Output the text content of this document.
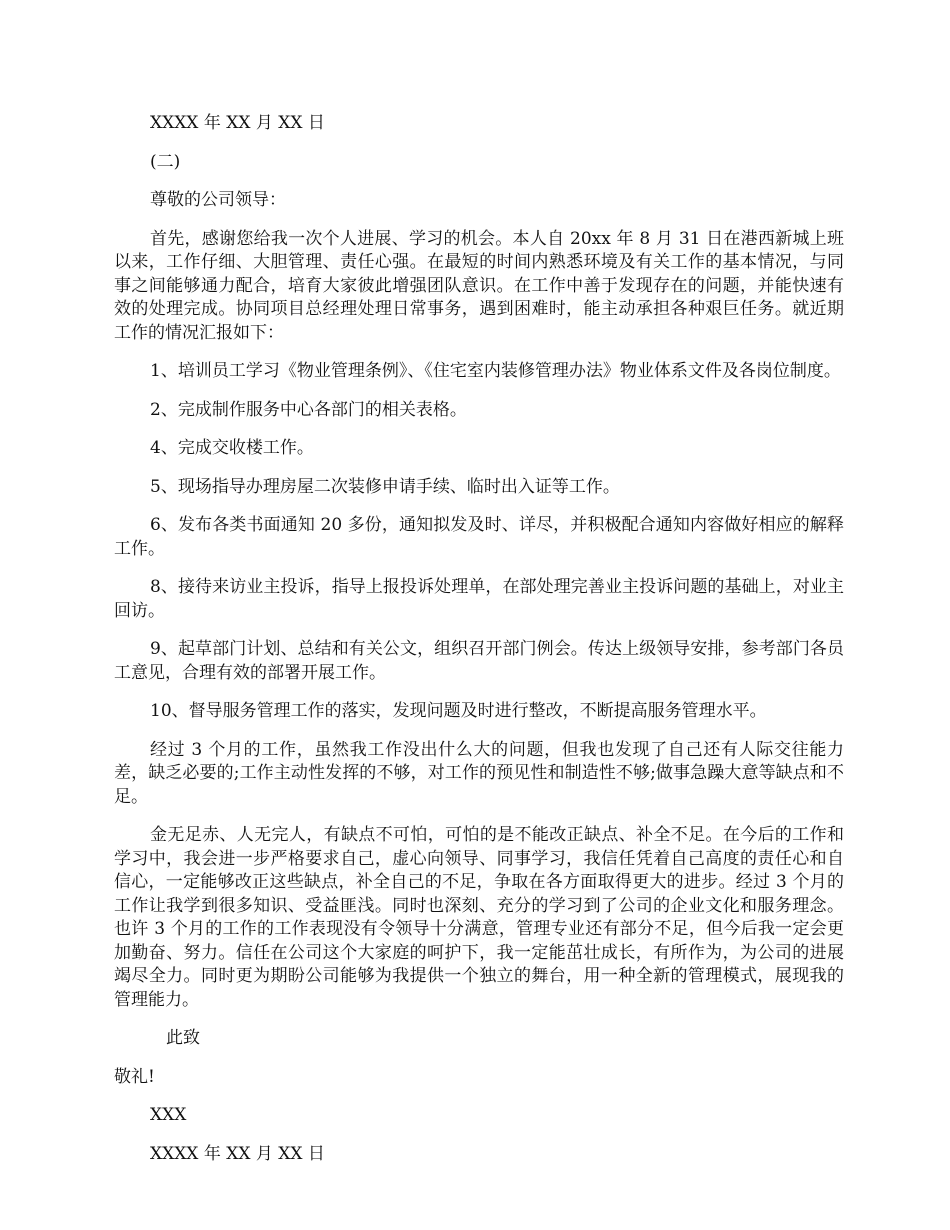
XXXX 年 XX 月 XX 日

(二)

尊敬的公司领导：

首先，感谢您给我一次个人进展、学习的机会。本人自 20xx 年 8 月 31 日在港西新城上班以来，工作仔细、大胆管理、责任心强。在最短的时间内熟悉环境及有关工作的基本情况，与同事之间能够通力配合，培育大家彼此增强团队意识。在工作中善于发现存在的问题，并能快速有效的处理完成。协同项目总经理处理日常事务，遇到困难时，能主动承担各种艰巨任务。就近期工作的情况汇报如下：

1、培训员工学习《物业管理条例》、《住宅室内装修管理办法》物业体系文件及各岗位制度。

2、完成制作服务中心各部门的相关表格。

4、完成交收楼工作。

5、现场指导办理房屋二次装修申请手续、临时出入证等工作。

6、发布各类书面通知 20 多份，通知拟发及时、详尽，并积极配合通知内容做好相应的解释工作。

8、接待来访业主投诉，指导上报投诉处理单，在部处理完善业主投诉问题的基础上，对业主回访。

9、起草部门计划、总结和有关公文，组织召开部门例会。传达上级领导安排，参考部门各员工意见，合理有效的部署开展工作。

10、督导服务管理工作的落实，发现问题及时进行整改，不断提高服务管理水平。

经过 3 个月的工作，虽然我工作没出什么大的问题，但我也发现了自己还有人际交往能力差，缺乏必要的;工作主动性发挥的不够，对工作的预见性和制造性不够;做事急躁大意等缺点和不足。

金无足赤、人无完人，有缺点不可怕，可怕的是不能改正缺点、补全不足。在今后的工作和学习中，我会进一步严格要求自己，虚心向领导、同事学习，我信任凭着自己高度的责任心和自信心，一定能够改正这些缺点，补全自己的不足，争取在各方面取得更大的进步。经过 3 个月的工作让我学到很多知识、受益匪浅。同时也深刻、充分的学习到了公司的企业文化和服务理念。也许 3 个月的工作的工作表现没有令领导十分满意，管理专业还有部分不足，但今后我一定会更加勤奋、努力。信任在公司这个大家庭的呵护下，我一定能茁壮成长，有所作为，为公司的进展竭尽全力。同时更为期盼公司能够为我提供一个独立的舞台，用一种全新的管理模式，展现我的管理能力。

此致

敬礼!

XXX

XXXX 年 XX 月 XX 日
